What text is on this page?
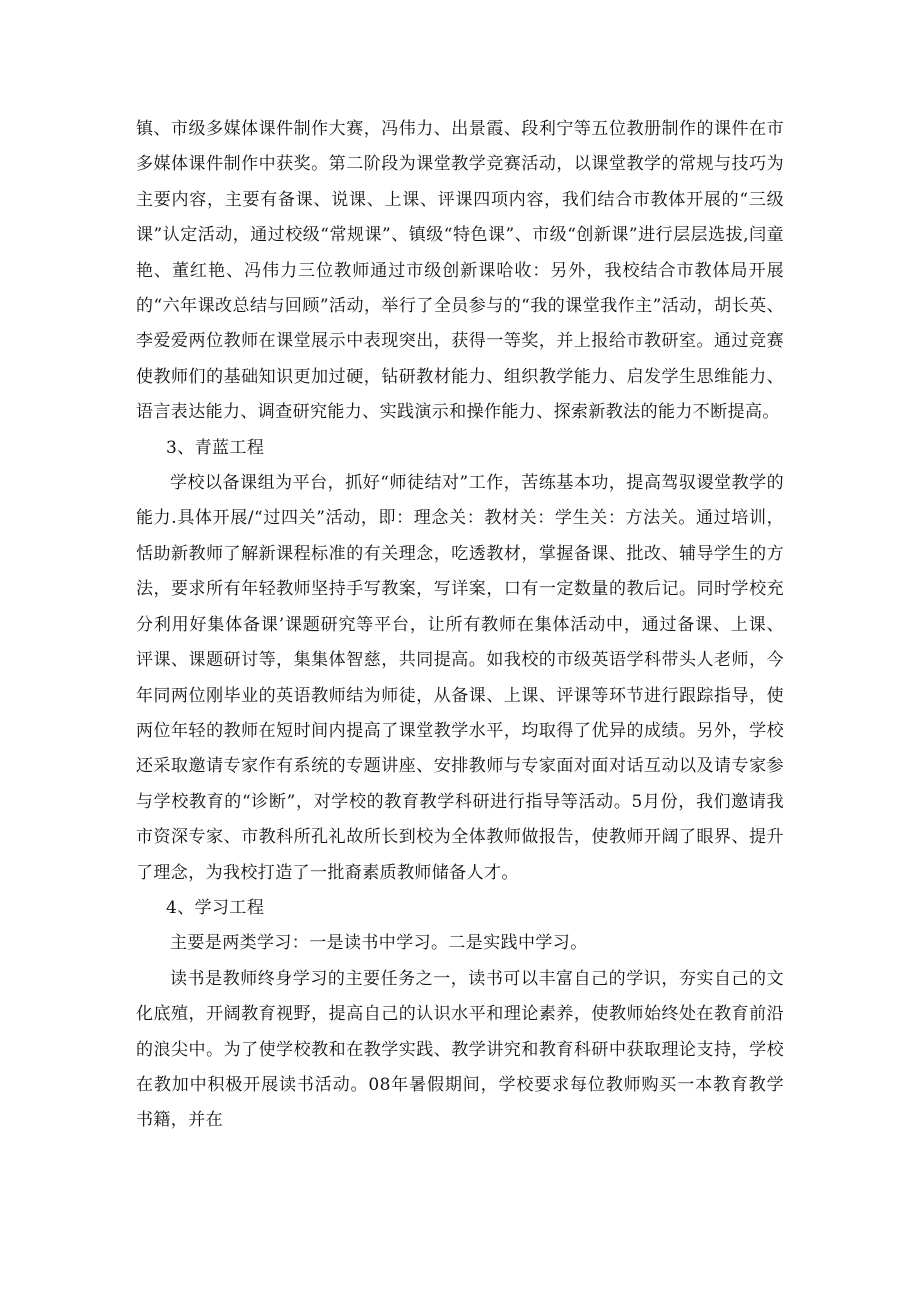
镇、市级多媒体课件制作大赛，冯伟力、出景霞、段利宁等五位教册制作的课件在市多媒体课件制作中获奖。第二阶段为课堂教学竞赛活动，以课堂教学的常规与技巧为主要内容，主要有备课、说课、上课、评课四项内容，我们结合市教体开展的“三级课”认定活动，通过校级“常规课”、镇级“特色课”、市级“创新课”进行层层选拔,闫童艳、董红艳、冯伟力三位教师通过市级创新课哈收：另外，我校结合市教体局开展的“六年课改总结与回顾”活动，举行了全员参与的“我的课堂我作主”活动，胡长英、李爱爱两位教师在课堂展示中表现突出，获得一等奖，并上报给市教研室。通过竞赛使教师们的基础知识更加过硬，钻研教材能力、组织教学能力、启发学生思维能力、语言表达能力、调查研究能力、实践演示和操作能力、探索新教法的能力不断提高。

3、青蓝工程

学校以备课组为平台，抓好“师徒结对”工作，苦练基本功，提高驾驭谡堂教学的能力.具体开展/“过四关”活动，即：理念关：教材关：学生关：方法关。通过培训，恬助新教师了解新课程标准的有关理念，吃透教材，掌握备课、批改、辅导学生的方法，要求所有年轻教师坚持手写教案，写详案，口有一定数量的教后记。同时学校充分利用好集体备课’课题研究等平台，让所有教师在集体活动中，通过备课、上课、评课、课题研讨等，集集体智慈，共同提高。如我校的市级英语学科带头人老师，今年同两位刚毕业的英语教师结为师徒，从备课、上课、评课等环节进行跟踪指导，使两位年轻的教师在短时间内提高了课堂教学水平，均取得了优异的成绩。另外，学校还采取邀请专家作有系统的专题讲座、安排教师与专家面对面对话互动以及请专家参与学校教育的“诊断”，对学校的教育教学科研进行指导等活动。5月份，我们邀请我市资深专家、市教科所孔礼故所长到校为全体教师做报告，使教师开阔了眼界、提升了理念，为我校打造了一批裔素质教师储备人才。

4、学习工程

主要是两类学习：一是读书中学习。二是实践中学习。

读书是教师终身学习的主要任务之一，读书可以丰富自己的学识，夯实自己的文化底殖，开阔教育视野，提高自己的认识水平和理论素养，使教师始终处在教育前沿的浪尖中。为了使学校教和在教学实践、教学讲究和教育科研中获取理论支持，学校在教加中积极开展读书活动。08年暑假期间，学校要求每位教师购买一本教育教学书籍，并在
